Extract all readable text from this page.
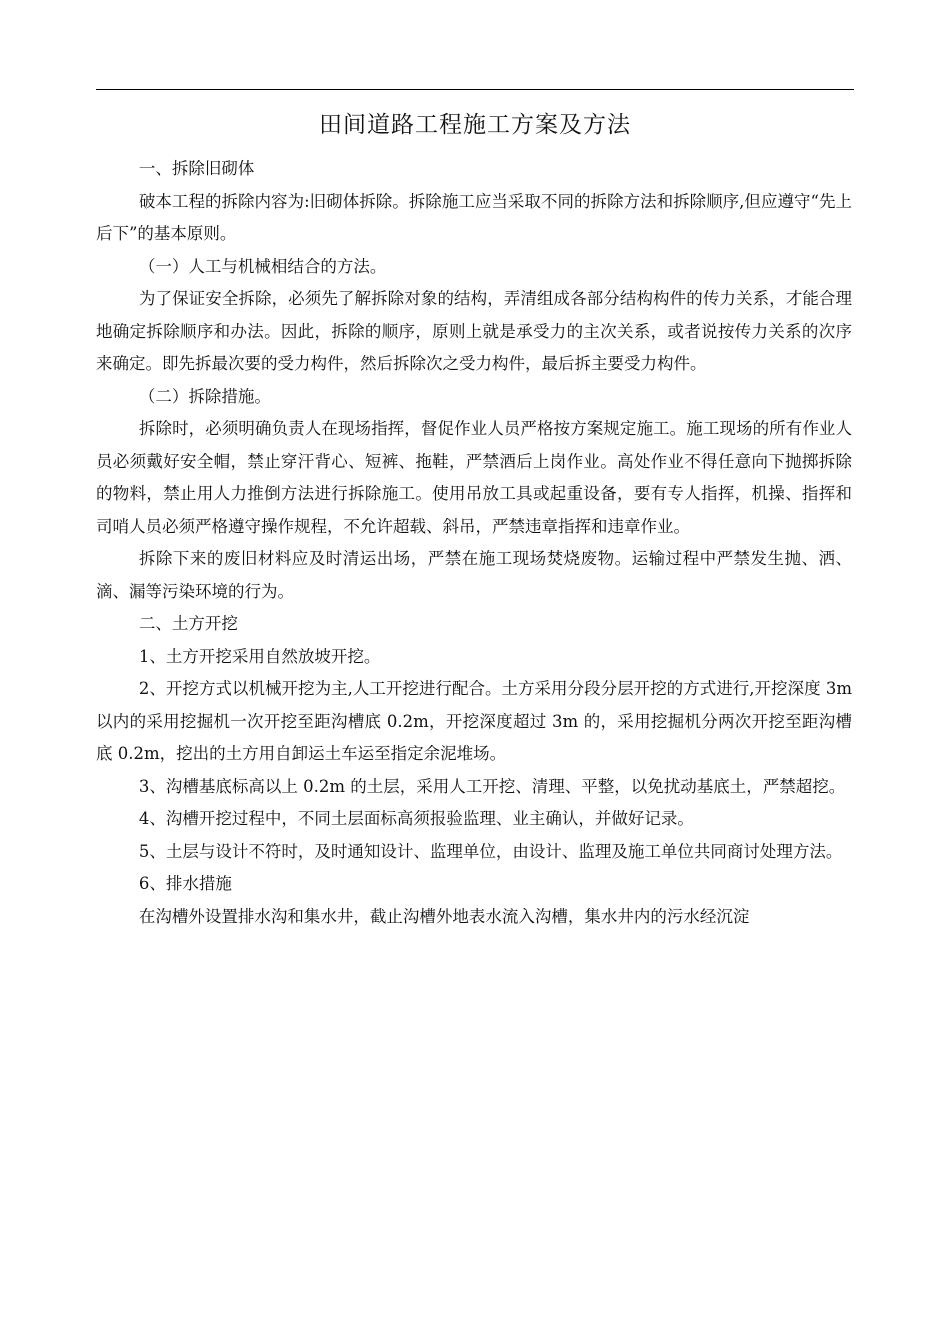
田间道路工程施工方案及方法

一、拆除旧砌体

破本工程的拆除内容为:旧砌体拆除。拆除施工应当采取不同的拆除方法和拆除顺序,但应遵守“先上后下”的基本原则。

（一）人工与机械相结合的方法。

为了保证安全拆除，必须先了解拆除对象的结构，弄清组成各部分结构构件的传力关系，才能合理地确定拆除顺序和办法。因此，拆除的顺序，原则上就是承受力的主次关系，或者说按传力关系的次序来确定。即先拆最次要的受力构件，然后拆除次之受力构件，最后拆主要受力构件。

（二）拆除措施。

拆除时，必须明确负责人在现场指挥，督促作业人员严格按方案规定施工。施工现场的所有作业人员必须戴好安全帽，禁止穿汗背心、短裤、拖鞋，严禁酒后上岗作业。高处作业不得任意向下抛掷拆除的物料，禁止用人力推倒方法进行拆除施工。使用吊放工具或起重设备，要有专人指挥，机操、指挥和司哨人员必须严格遵守操作规程，不允许超载、斜吊，严禁违章指挥和违章作业。

拆除下来的废旧材料应及时清运出场，严禁在施工现场焚烧废物。运输过程中严禁发生抛、洒、滴、漏等污染环境的行为。

二、土方开挖

1、土方开挖采用自然放坡开挖。

2、开挖方式以机械开挖为主,人工开挖进行配合。土方采用分段分层开挖的方式进行,开挖深度 3m 以内的采用挖掘机一次开挖至距沟槽底 0.2m，开挖深度超过 3m 的，采用挖掘机分两次开挖至距沟槽底 0.2m，挖出的土方用自卸运土车运至指定余泥堆场。

3、沟槽基底标高以上 0.2m 的土层，采用人工开挖、清理、平整，以免扰动基底土，严禁超挖。

4、沟槽开挖过程中，不同土层面标高须报验监理、业主确认，并做好记录。

5、土层与设计不符时，及时通知设计、监理单位，由设计、监理及施工单位共同商讨处理方法。

6、排水措施

在沟槽外设置排水沟和集水井，截止沟槽外地表水流入沟槽，集水井内的污水经沉淀
